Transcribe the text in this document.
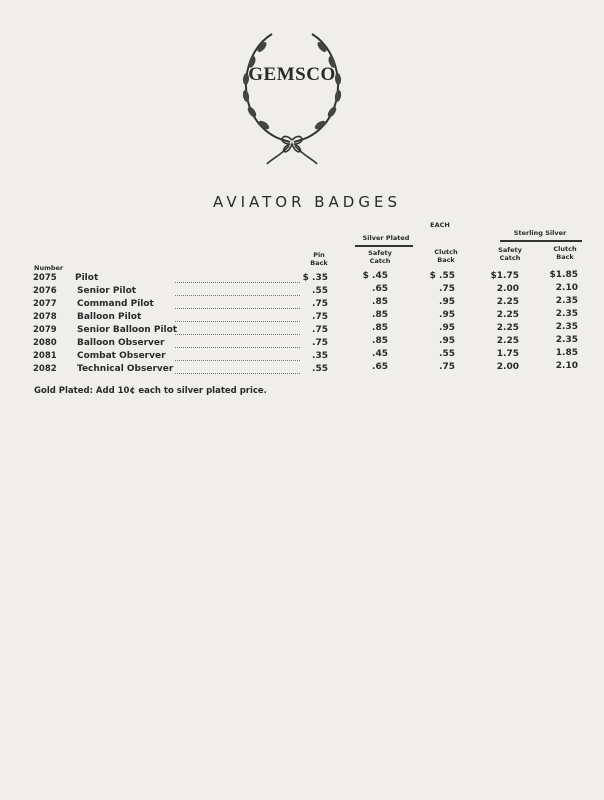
GEMSCO
AVIATOR BADGES
EACH
Silver Plated
Sterling Silver
Pin
Back
Safety
Catch
Clutch
Back
Safety
Catch
Clutch
Back
Number
2075 Pilot	$ .35	$ .45	$ .55	$1.75	$1.85
2076 Senior Pilot	.55	.65	.75	2.00	2.10
2077 Command Pilot	.75	.85	.95	2.25	2.35
2078 Balloon Pilot	.75	.85	.95	2.25	2.35
2079 Senior Balloon Pilot	.75	.85	.95	2.25	2.35
2080 Balloon Observer	.75	.85	.95	2.25	2.35
2081 Combat Observer	.35	.45	.55	1.75	1.85
2082 Technical Observer	.55	.65	.75	2.00	2.10
Gold Plated: Add 10¢ each to silver plated price.
